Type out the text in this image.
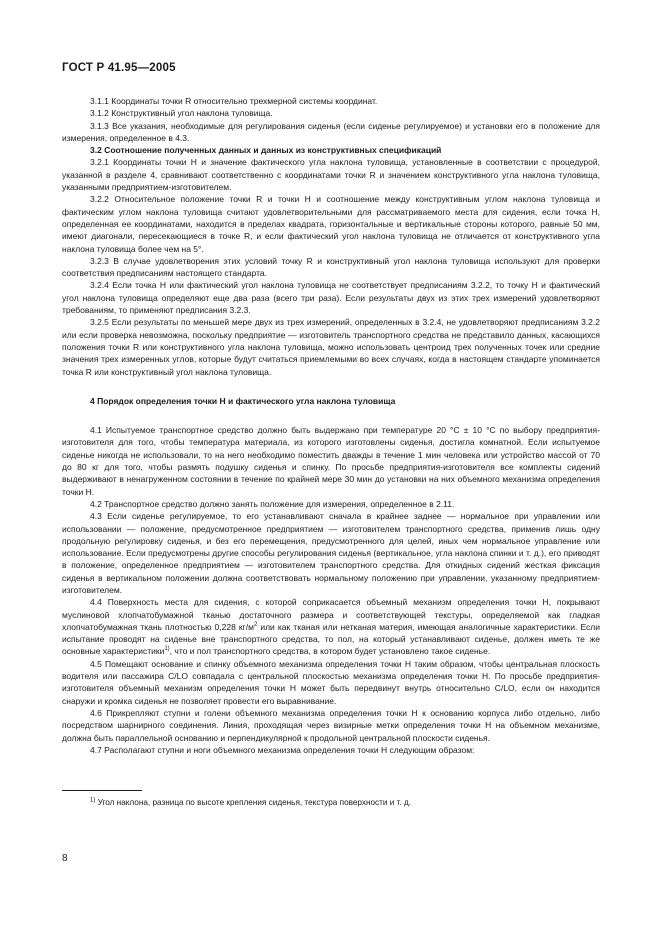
ГОСТ Р 41.95—2005

3.1.1 Координаты точки R относительно трехмерной системы координат.

3.1.2 Конструктивный угол наклона туловища.

3.1.3 Все указания, необходимые для регулирования сиденья (если сиденье регулируемое) и установки его в положение для измерения, определенное в 4.3.

3.2 Соотношение полученных данных и данных из конструктивных спецификаций

3.2.1 Координаты точки H и значение фактического угла наклона туловища, установленные в соответствии с процедурой, указанной в разделе 4, сравнивают соответственно с координатами точки R и значением конструктивного угла наклона туловища, указанными предприятием-изготовителем.

3.2.2 Относительное положение точки R и точки H и соотношение между конструктивным углом наклона туловища и фактическим углом наклона туловища считают удовлетворительными для рассматриваемого места для сидения, если точка H, определенная ее координатами, находится в пределах квадрата, горизонтальные и вертикальные стороны которого, равные 50 мм, имеют диагонали, пересекающиеся в точке R, и если фактический угол наклона туловища не отличается от конструктивного угла наклона туловища более чем на 5°.

3.2.3 В случае удовлетворения этих условий точку R и конструктивный угол наклона туловища используют для проверки соответствия предписаниям настоящего стандарта.

3.2.4 Если точка H или фактический угол наклона туловища не соответствует предписаниям 3.2.2, то точку H и фактический угол наклона туловища определяют еще два раза (всего три раза). Если результаты двух из этих трех измерений удовлетворяют требованиям, то применяют предписания 3.2.3.

3.2.5 Если результаты по меньшей мере двух из трех измерений, определенных в 3.2.4, не удовлетворяют предписаниям 3.2.2 или если проверка невозможна, поскольку предприятие — изготовитель транспортного средства не представило данных, касающихся положения точки R или конструктивного угла наклона туловища, можно использовать центроид трех полученных точек или средние значения трех измеренных углов, которые будут считаться приемлемыми во всех случаях, когда в настоящем стандарте упоминается точка R или конструктивный угол наклона туловища.

4 Порядок определения точки H и фактического угла наклона туловища

4.1 Испытуемое транспортное средство должно быть выдержано при температуре 20 °C ± 10 °C по выбору предприятия-изготовителя для того, чтобы температура материала, из которого изготовлены сиденья, достигла комнатной. Если испытуемое сиденье никогда не использовали, то на него необходимо поместить дважды в течение 1 мин человека или устройство массой от 70 до 80 кг для того, чтобы размять подушку сиденья и спинку. По просьбе предприятия-изготовителя все комплекты сидений выдерживают в ненагруженном состоянии в течение по крайней мере 30 мин до установки на них объемного механизма определения точки H.

4.2 Транспортное средство должно занять положение для измерения, определенное в 2.11.

4.3 Если сиденье регулируемое, то его устанавливают сначала в крайнее заднее — нормальное при управлении или использовании — положение, предусмотренное предприятием — изготовителем транспортного средства, применив лишь одну продольную регулировку сиденья, и без его перемещения, предусмотренного для целей, иных чем нормальное управление или использование. Если предусмотрены другие способы регулирования сиденья (вертикальное, угла наклона спинки и т. д.), его приводят в положение, определенное предприятием — изготовителем транспортного средства. Для откидных сидений жесткая фиксация сиденья в вертикальном положении должна соответствовать нормальному положению при управлении, указанному предприятием-изготовителем.

4.4 Поверхность места для сидения, с которой соприкасается объемный механизм определения точки H, покрывают муслиновой хлопчатобумажной тканью достаточного размера и соответствующей текстуры, определяемой как гладкая хлопчатобумажная ткань плотностью 0,228 $кг/м^2$ или как тканая или нетканая материя, имеющая аналогичные характеристики. Если испытание проводят на сиденье вне транспортного средства, то пол, на который устанавливают сиденье, должен иметь те же основные характеристики$^{1)}$, что и пол транспортного средства, в котором будет установлено такое сиденье.

4.5 Помещают основание и спинку объемного механизма определения точки H таким образом, чтобы центральная плоскость водителя или пассажира C/LO совпадала с центральной плоскостью механизма определения точки H. По просьбе предприятия-изготовителя объемный механизм определения точки H может быть передвинут внутрь относительно C/LO, если он находится снаружи и кромка сиденья не позволяет провести его выравнивание.

4.6 Прикрепляют ступни и голени объемного механизма определения точки H к основанию корпуса либо отдельно, либо посредством шарнирного соединения. Линия, проходящая через визирные метки определения точки H на объемном механизме, должна быть параллельной основанию и перпендикулярной к продольной центральной плоскости сиденья.

4.7 Располагают ступни и ноги объемного механизма определения точки H следующим образом:

$^{1)}$ Угол наклона, разница по высоте крепления сиденья, текстура поверхности и т. д.
8
